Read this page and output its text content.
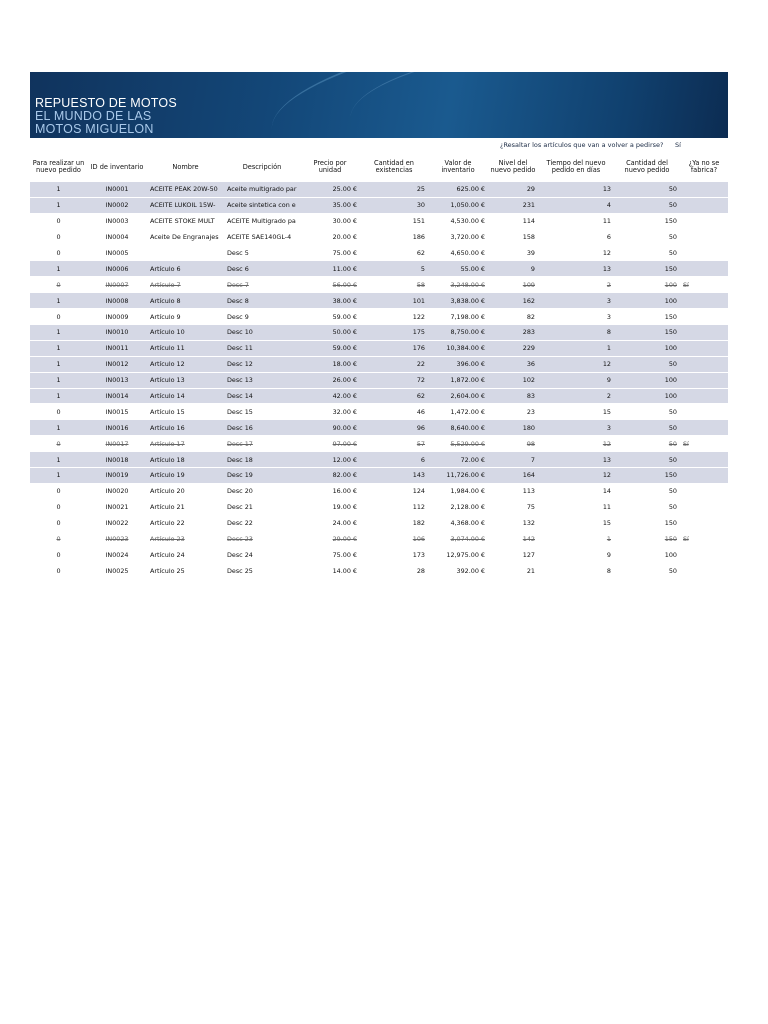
REPUESTO DE MOTOS
EL MUNDO DE LAS
MOTOS MIGUELON
¿Resaltar los artículos que van a volver a pedirse? Sí
Para realizar un nuevo pedido	ID de inventario	Nombre	Descripción	Precio por unidad	Cantidad en existencias	Valor de inventario	Nivel del nuevo pedido	Tiempo del nuevo pedido en días	Cantidad del nuevo pedido	¿Ya no se fabrica?
1	IN0001	ACEITE PEAK 20W-50	Aceite multigrado par	25.00 €	25	625.00 €	29	13	50	
1	IN0002	ACEITE LUKOIL 15W-	Aceite sintetica con e	35.00 €	30	1,050.00 €	231	4	50	
0	IN0003	ACEITE STOKE MULT	ACEITE Multigrado pa	30.00 €	151	4,530.00 €	114	11	150	
0	IN0004	Aceite De Engranajes	ACEITE SAE140GL-4	20.00 €	186	3,720.00 €	158	6	50	
0	IN0005		Desc 5	75.00 €	62	4,650.00 €	39	12	50	
1	IN0006	Artículo 6	Desc 6	11.00 €	5	55.00 €	9	13	150	
0	IN0007	Artículo 7	Desc 7	56.00 €	58	3,248.00 €	109	2	100	Sí
1	IN0008	Artículo 8	Desc 8	38.00 €	101	3,838.00 €	162	3	100	
0	IN0009	Artículo 9	Desc 9	59.00 €	122	7,198.00 €	82	3	150	
1	IN0010	Artículo 10	Desc 10	50.00 €	175	8,750.00 €	283	8	150	
1	IN0011	Artículo 11	Desc 11	59.00 €	176	10,384.00 €	229	1	100	
1	IN0012	Artículo 12	Desc 12	18.00 €	22	396.00 €	36	12	50	
1	IN0013	Artículo 13	Desc 13	26.00 €	72	1,872.00 €	102	9	100	
1	IN0014	Artículo 14	Desc 14	42.00 €	62	2,604.00 €	83	2	100	
0	IN0015	Artículo 15	Desc 15	32.00 €	46	1,472.00 €	23	15	50	
1	IN0016	Artículo 16	Desc 16	90.00 €	96	8,640.00 €	180	3	50	
0	IN0017	Artículo 17	Desc 17	97.00 €	57	5,529.00 €	98	12	50	Sí
1	IN0018	Artículo 18	Desc 18	12.00 €	6	72.00 €	7	13	50	
1	IN0019	Artículo 19	Desc 19	82.00 €	143	11,726.00 €	164	12	150	
0	IN0020	Artículo 20	Desc 20	16.00 €	124	1,984.00 €	113	14	50	
0	IN0021	Artículo 21	Desc 21	19.00 €	112	2,128.00 €	75	11	50	
0	IN0022	Artículo 22	Desc 22	24.00 €	182	4,368.00 €	132	15	150	
0	IN0023	Artículo 23	Desc 23	29.00 €	106	3,074.00 €	142	1	150	Sí
0	IN0024	Artículo 24	Desc 24	75.00 €	173	12,975.00 €	127	9	100	
0	IN0025	Artículo 25	Desc 25	14.00 €	28	392.00 €	21	8	50	
